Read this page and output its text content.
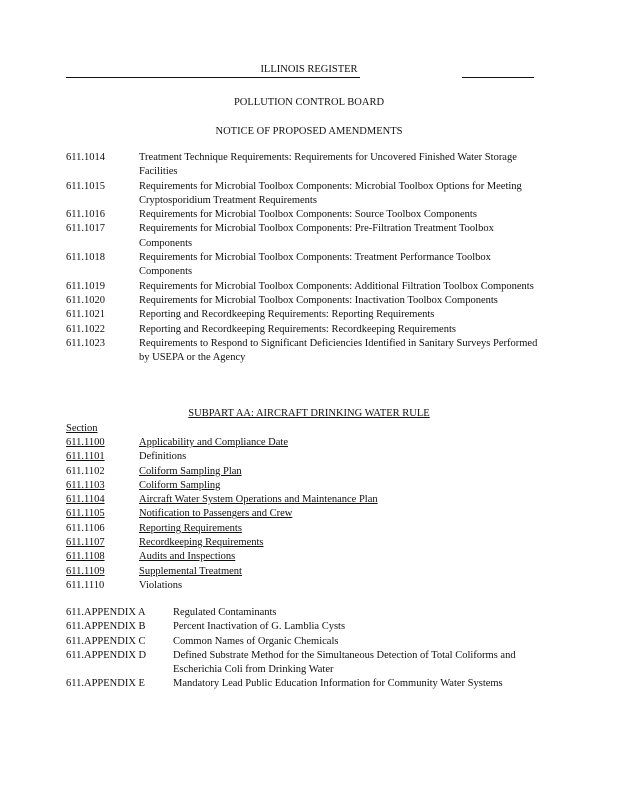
ILLINOIS REGISTER
POLLUTION CONTROL BOARD
NOTICE OF PROPOSED AMENDMENTS
611.1014	Treatment Technique Requirements: Requirements for Uncovered Finished Water Storage Facilities
611.1015	Requirements for Microbial Toolbox Components: Microbial Toolbox Options for Meeting Cryptosporidium Treatment Requirements
611.1016	Requirements for Microbial Toolbox Components: Source Toolbox Components
611.1017	Requirements for Microbial Toolbox Components: Pre-Filtration Treatment Toolbox Components
611.1018	Requirements for Microbial Toolbox Components: Treatment Performance Toolbox Components
611.1019	Requirements for Microbial Toolbox Components: Additional Filtration Toolbox Components
611.1020	Requirements for Microbial Toolbox Components: Inactivation Toolbox Components
611.1021	Reporting and Recordkeeping Requirements: Reporting Requirements
611.1022	Reporting and Recordkeeping Requirements: Recordkeeping Requirements
611.1023	Requirements to Respond to Significant Deficiencies Identified in Sanitary Surveys Performed by USEPA or the Agency
SUBPART AA: AIRCRAFT DRINKING WATER RULE
Section
611.1100	Applicability and Compliance Date
611.1101	Definitions
611.1102	Coliform Sampling Plan
611.1103	Coliform Sampling
611.1104	Aircraft Water System Operations and Maintenance Plan
611.1105	Notification to Passengers and Crew
611.1106	Reporting Requirements
611.1107	Recordkeeping Requirements
611.1108	Audits and Inspections
611.1109	Supplemental Treatment
611.1110	Violations
611.APPENDIX A	Regulated Contaminants
611.APPENDIX B	Percent Inactivation of G. Lamblia Cysts
611.APPENDIX C	Common Names of Organic Chemicals
611.APPENDIX D	Defined Substrate Method for the Simultaneous Detection of Total Coliforms and Escherichia Coli from Drinking Water
611.APPENDIX E	Mandatory Lead Public Education Information for Community Water Systems
